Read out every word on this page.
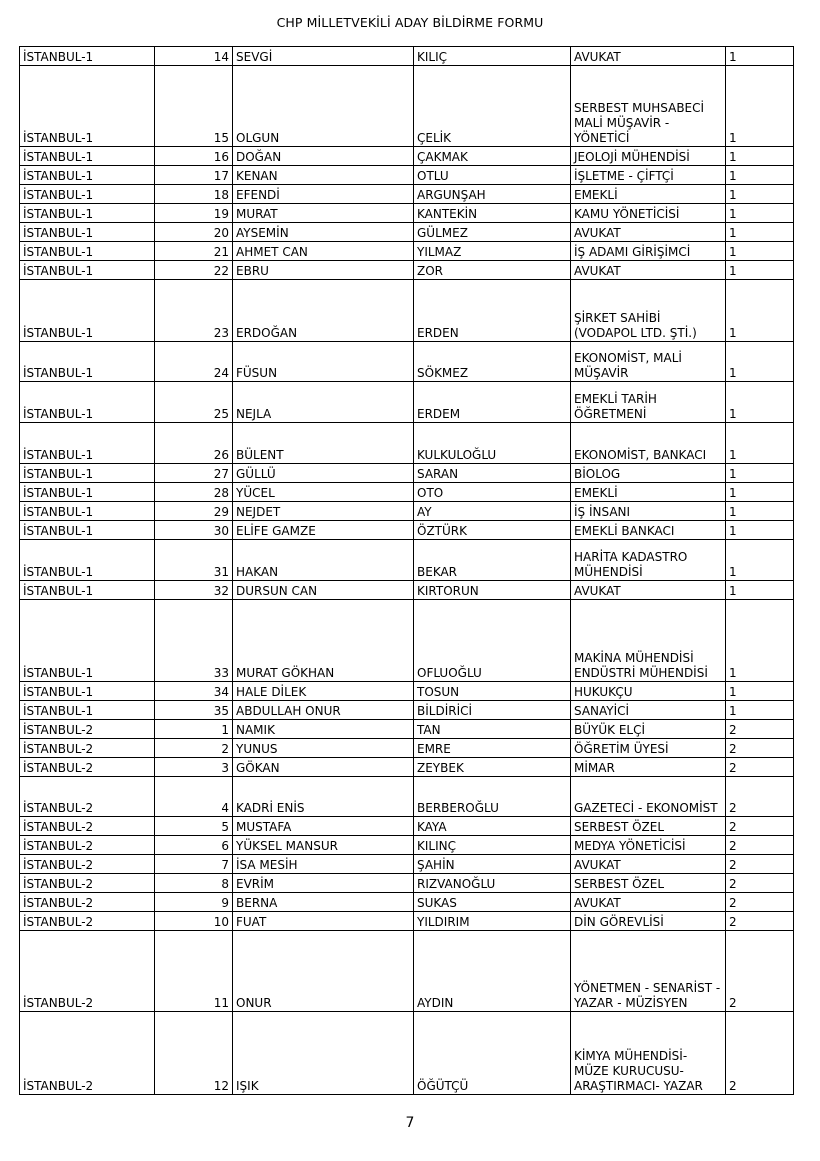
CHP MİLLETVEKİLİ ADAY BİLDİRME FORMU
İSTANBUL-1	14	SEVGİ	KILIÇ	AVUKAT	1
İSTANBUL-1	15	OLGUN	ÇELİK	SERBEST MUHSABECİ MALİ MÜŞAVİR - YÖNETİCİ	1
İSTANBUL-1	16	DOĞAN	ÇAKMAK	JEOLOJİ MÜHENDİSİ	1
İSTANBUL-1	17	KENAN	OTLU	İŞLETME - ÇİFTÇİ	1
İSTANBUL-1	18	EFENDİ	ARGUNŞAH	EMEKLİ	1
İSTANBUL-1	19	MURAT	KANTEKİN	KAMU YÖNETİCİSİ	1
İSTANBUL-1	20	AYSEMİN	GÜLMEZ	AVUKAT	1
İSTANBUL-1	21	AHMET CAN	YILMAZ	İŞ ADAMI GİRİŞİMCİ	1
İSTANBUL-1	22	EBRU	ZOR	AVUKAT	1
İSTANBUL-1	23	ERDOĞAN	ERDEN	ŞİRKET SAHİBİ (VODAPOL LTD. ŞTİ.)	1
İSTANBUL-1	24	FÜSUN	SÖKMEZ	EKONOMİST, MALİ MÜŞAVİR	1
İSTANBUL-1	25	NEJLA	ERDEM	EMEKLİ TARİH ÖĞRETMENİ	1
İSTANBUL-1	26	BÜLENT	KULKULOĞLU	EKONOMİST, BANKACI	1
İSTANBUL-1	27	GÜLLÜ	SARAN	BİOLOG	1
İSTANBUL-1	28	YÜCEL	OTO	EMEKLİ	1
İSTANBUL-1	29	NEJDET	AY	İŞ İNSANI	1
İSTANBUL-1	30	ELİFE GAMZE	ÖZTÜRK	EMEKLİ BANKACI	1
İSTANBUL-1	31	HAKAN	BEKAR	HARİTA KADASTRO MÜHENDİSİ	1
İSTANBUL-1	32	DURSUN CAN	KIRTORUN	AVUKAT	1
İSTANBUL-1	33	MURAT GÖKHAN	OFLUOĞLU	MAKİNA MÜHENDİSİ ENDÜSTRİ MÜHENDİSİ	1
İSTANBUL-1	34	HALE DİLEK	TOSUN	HUKUKÇU	1
İSTANBUL-1	35	ABDULLAH ONUR	BİLDİRİCİ	SANAYİCİ	1
İSTANBUL-2	1	NAMIK	TAN	BÜYÜK ELÇİ	2
İSTANBUL-2	2	YUNUS	EMRE	ÖĞRETİM ÜYESİ	2
İSTANBUL-2	3	GÖKAN	ZEYBEK	MİMAR	2
İSTANBUL-2	4	KADRİ ENİS	BERBEROĞLU	GAZETECİ - EKONOMİST	2
İSTANBUL-2	5	MUSTAFA	KAYA	SERBEST ÖZEL	2
İSTANBUL-2	6	YÜKSEL MANSUR	KILINÇ	MEDYA YÖNETİCİSİ	2
İSTANBUL-2	7	İSA MESİH	ŞAHİN	AVUKAT	2
İSTANBUL-2	8	EVRİM	RIZVANOĞLU	SERBEST ÖZEL	2
İSTANBUL-2	9	BERNA	SUKAS	AVUKAT	2
İSTANBUL-2	10	FUAT	YILDIRIM	DİN GÖREVLİSİ	2
İSTANBUL-2	11	ONUR	AYDIN	YÖNETMEN - SENARİST - YAZAR - MÜZİSYEN	2
İSTANBUL-2	12	IŞIK	ÖĞÜTÇÜ	KİMYA MÜHENDİSİ- MÜZE KURUCUSU- ARAŞTIRMACI- YAZAR	2
7
